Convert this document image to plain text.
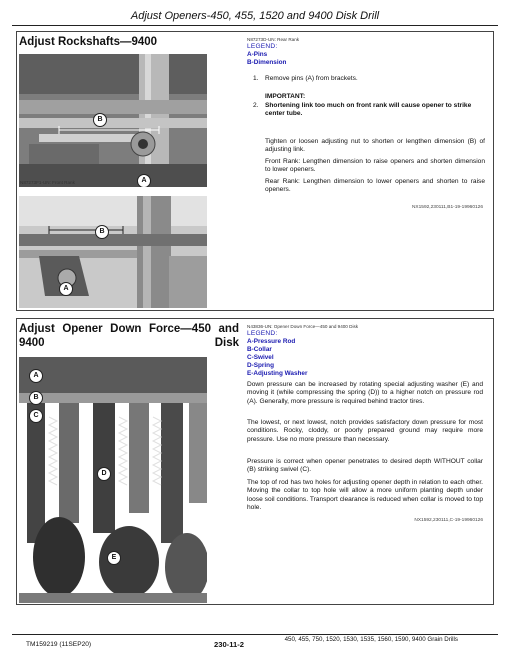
Adjust Openers-450, 455, 1520 and 9400 Disk Drill
Adjust Rockshafts—9400
B
A
N87273F1-UN: Front Rank
B
A
N87273D-UN: Rear Rank
LEGEND:
A-Pins
B-Dimension
1. Remove pins (A) from brackets.
IMPORTANT:
2. Shortening link too much on front rank will cause opener to strike center tube.
Tighten or loosen adjusting nut to shorten or lengthen dimension (B) of adjusting link.
Front Rank: Lengthen dimension to raise openers and shorten dimension to lower openers.
Rear Rank: Lengthen dimension to lower openers and shorten to raise openers.
NX1592,230111,B1-19-19960126
Adjust Opener Down Force—450 and 9400 Disk
A
B
C
D
E
N43836-UN: Opener Down Force—450 and 9400 Disk
LEGEND:
A-Pressure Rod
B-Collar
C-Swivel
D-Spring
E-Adjusting Washer
Down pressure can be increased by rotating special adjusting washer (E) and moving it (while compressing the spring (D)) to a higher notch on pressure rod (A). Generally, more pressure is required behind tractor tires.
The lowest, or next lowest, notch provides satisfactory down pressure for most conditions. Rocky, cloddy, or poorly prepared ground may require more pressure. Use no more pressure than necessary.
Pressure is correct when opener penetrates to desired depth WITHOUT collar (B) striking swivel (C).
The top of rod has two holes for adjusting opener depth in relation to each other. Moving the collar to top hole will allow a more uniform planting depth under loose soil conditions. Transport clearance is reduced when collar is moved to top hole.
NX1592,230111,C-19-19960126
TM159219 (11SEP20)	230-11-2
450, 455, 750, 1520, 1530, 1535, 1560, 1590, 9400 Grain Drills
